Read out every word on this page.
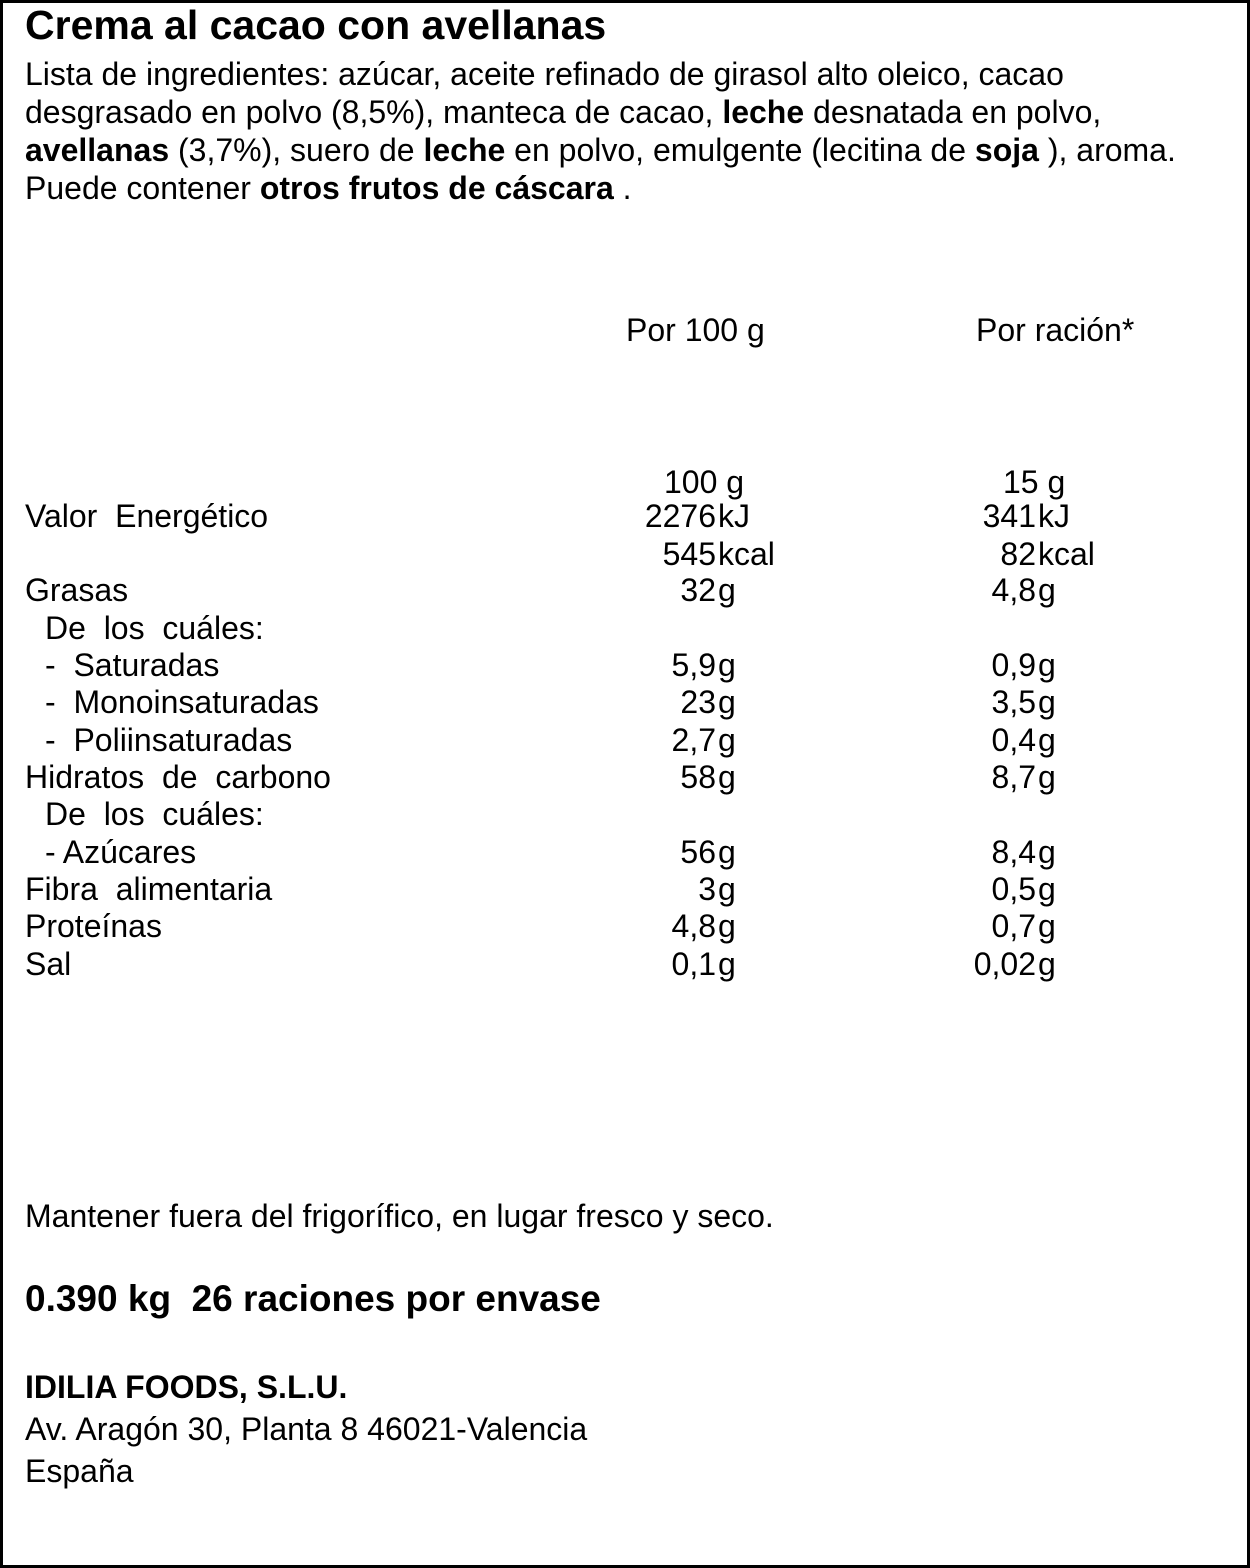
Crema al cacao con avellanas
Lista de ingredientes: azúcar, aceite refinado de girasol alto oleico, cacao
desgrasado en polvo (8,5%), manteca de cacao, leche desnatada en polvo,
avellanas (3,7%), suero de leche en polvo, emulgente (lecitina de soja ), aroma.
Puede contener otros frutos de cáscara .
Por 100 g	Por ración*
100 g	15 g
Valor  Energético	2276 kJ	341 kJ
545 kcal	82 kcal
Grasas	32 g	4,8 g
De  los  cuáles:
-  Saturadas	5,9 g	0,9 g
-  Monoinsaturadas	23 g	3,5 g
-  Poliinsaturadas	2,7 g	0,4 g
Hidratos  de  carbono	58 g	8,7 g
De  los  cuáles:
- Azúcares	56 g	8,4 g
Fibra  alimentaria	3 g	0,5 g
Proteínas	4,8 g	0,7 g
Sal	0,1 g	0,02 g
Mantener fuera del frigorífico, en lugar fresco y seco.
0.390 kg  26 raciones por envase
IDILIA FOODS, S.L.U.
Av. Aragón 30, Planta 8 46021-Valencia
España
